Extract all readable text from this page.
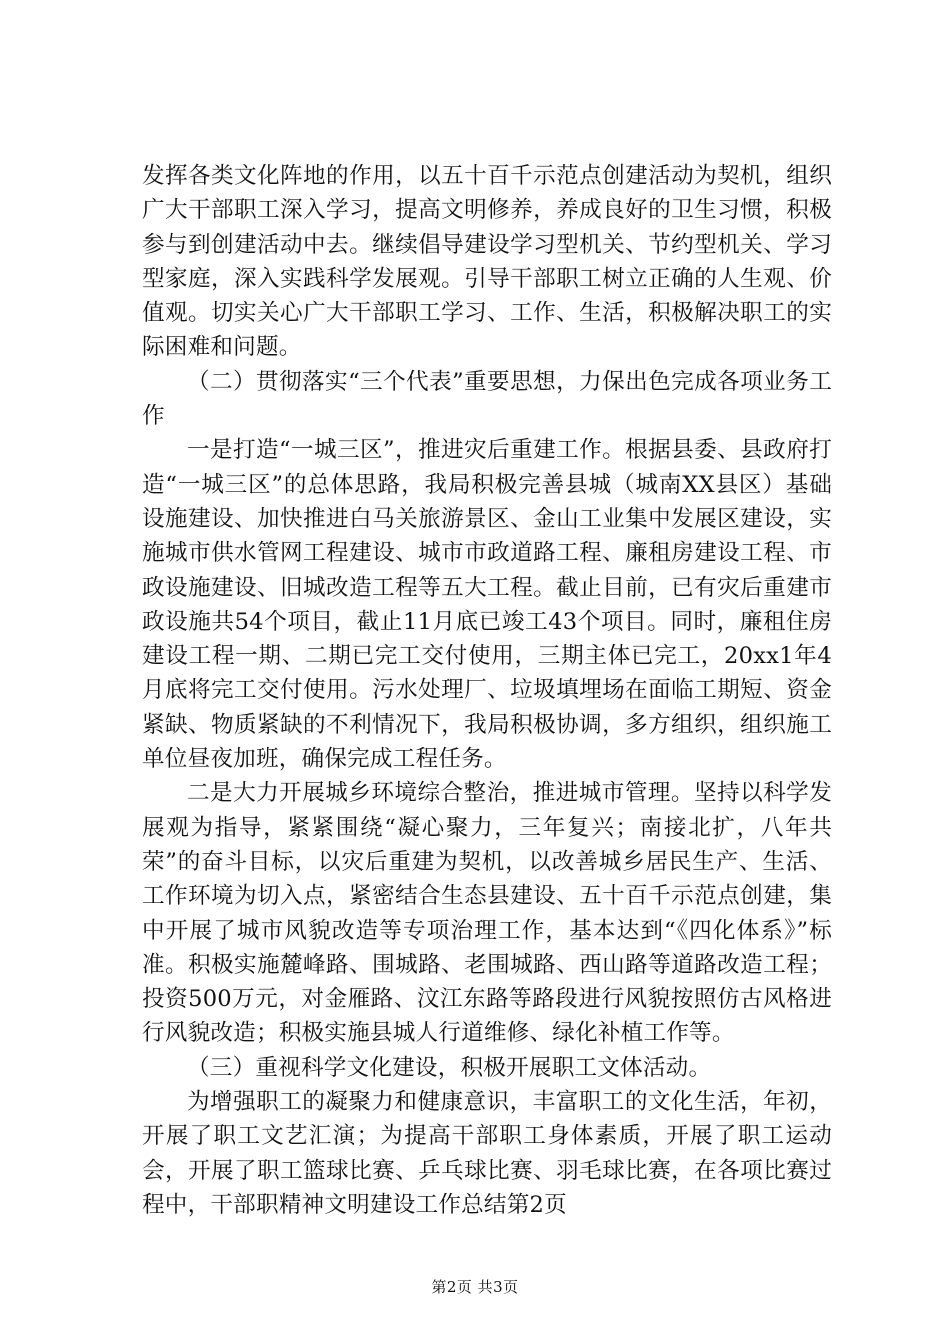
发挥各类文化阵地的作用，以五十百千示范点创建活动为契机，组织广大干部职工深入学习，提高文明修养，养成良好的卫生习惯，积极参与到创建活动中去。继续倡导建设学习型机关、节约型机关、学习型家庭，深入实践科学发展观。引导干部职工树立正确的人生观、价值观。切实关心广大干部职工学习、工作、生活，积极解决职工的实际困难和问题。

（二）贯彻落实“三个代表”重要思想，力保出色完成各项业务工作

一是打造“一城三区”，推进灾后重建工作。根据县委、县政府打造“一城三区”的总体思路，我局积极完善县城（城南XX县区）基础设施建设、加快推进白马关旅游景区、金山工业集中发展区建设，实施城市供水管网工程建设、城市市政道路工程、廉租房建设工程、市政设施建设、旧城改造工程等五大工程。截止目前，已有灾后重建市政设施共54个项目，截止11月底已竣工43个项目。同时，廉租住房建设工程一期、二期已完工交付使用，三期主体已完工，20xx1年4月底将完工交付使用。污水处理厂、垃圾填埋场在面临工期短、资金紧缺、物质紧缺的不利情况下，我局积极协调，多方组织，组织施工单位昼夜加班，确保完成工程任务。

二是大力开展城乡环境综合整治，推进城市管理。坚持以科学发展观为指导，紧紧围绕“凝心聚力，三年复兴；南接北扩，八年共荣”的奋斗目标，以灾后重建为契机，以改善城乡居民生产、生活、工作环境为切入点，紧密结合生态县建设、五十百千示范点创建，集中开展了城市风貌改造等专项治理工作，基本达到“《四化体系》”标准。积极实施麓峰路、围城路、老围城路、西山路等道路改造工程；投资500万元，对金雁路、汶江东路等路段进行风貌按照仿古风格进行风貌改造；积极实施县城人行道维修、绿化补植工作等。

（三）重视科学文化建设，积极开展职工文体活动。

为增强职工的凝聚力和健康意识，丰富职工的文化生活，年初，开展了职工文艺汇演；为提高干部职工身体素质，开展了职工运动会，开展了职工篮球比赛、乒乓球比赛、羽毛球比赛，在各项比赛过程中，干部职精神文明建设工作总结第2页

第2页 共3页
